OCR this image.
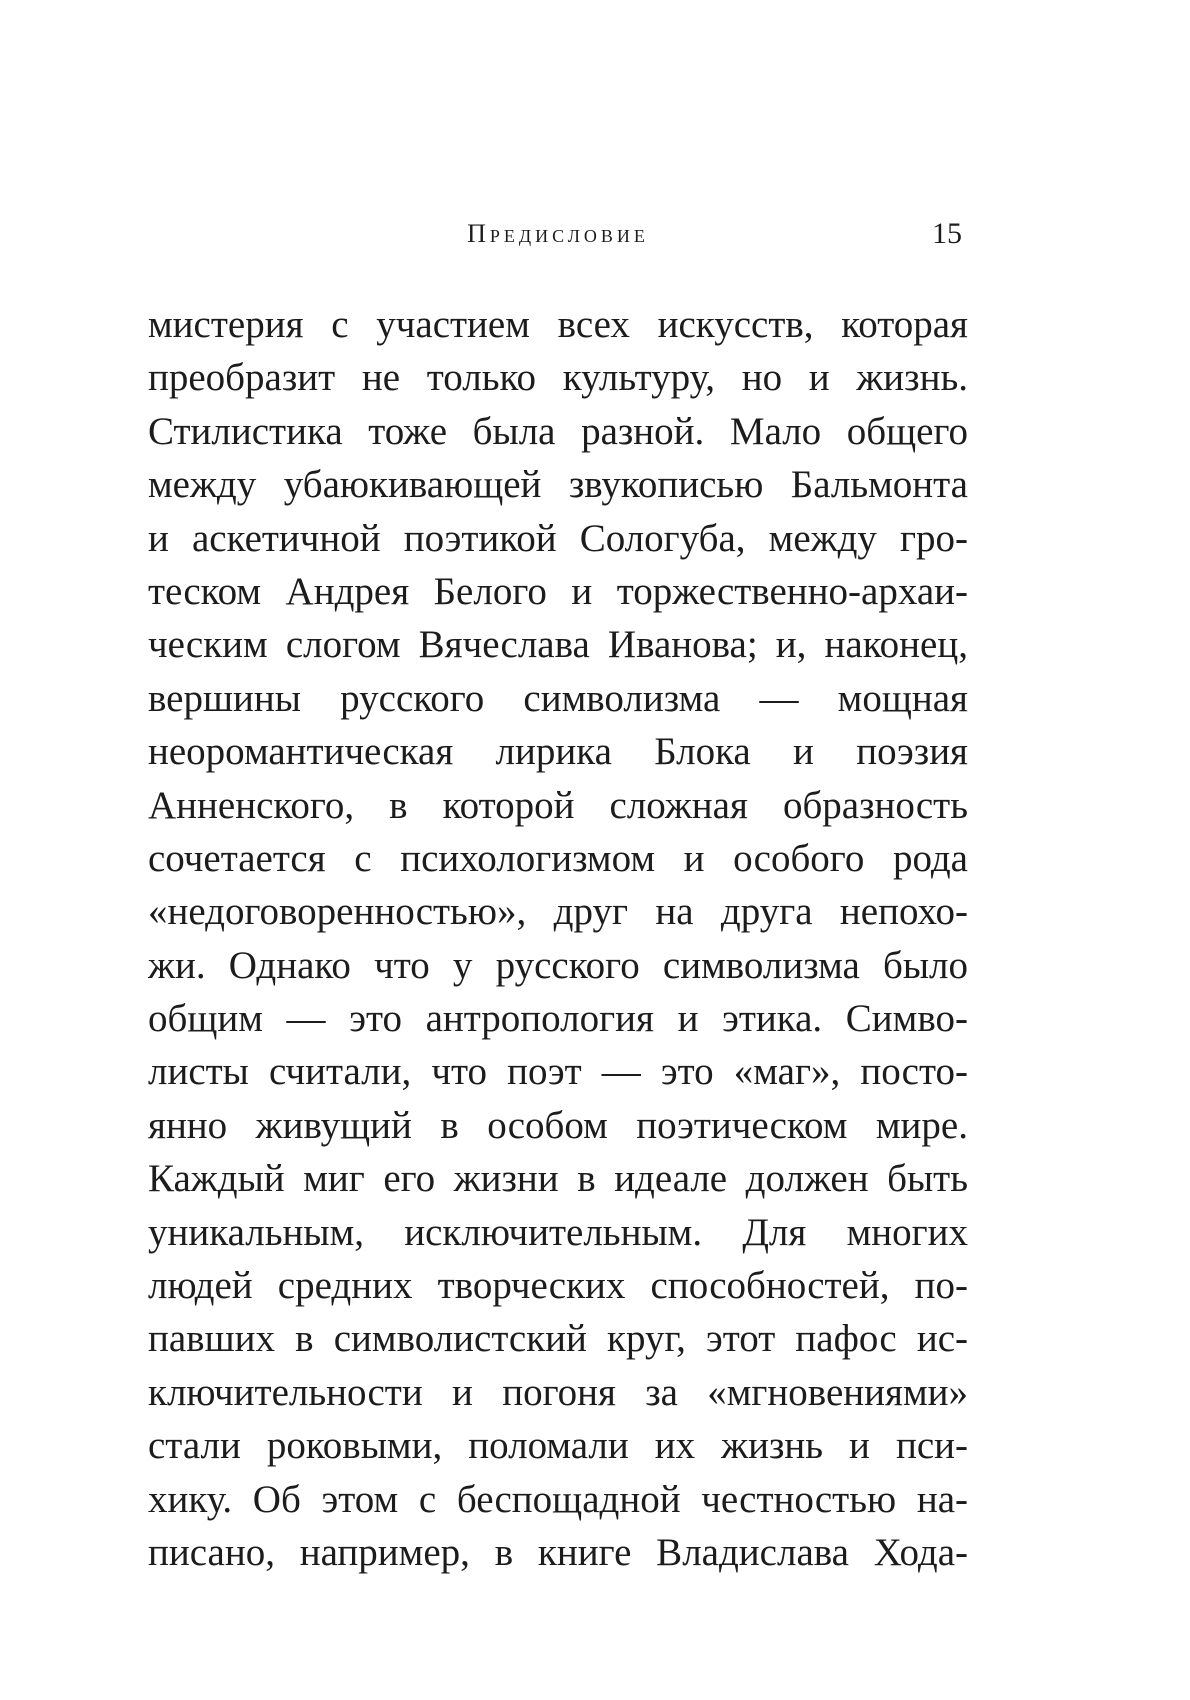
Предисловие	15
мистерия с участием всех искусств, которая
преобразит не только культуру, но и жизнь.
Стилистика тоже была разной. Мало общего
между убаюкивающей звукописью Бальмонта
и аскетичной поэтикой Сологуба, между гро-
теском Андрея Белого и торжественно-архаи-
ческим слогом Вячеслава Иванова; и, наконец,
вершины русского символизма — мощная
неоромантическая лирика Блока и поэзия
Анненского, в которой сложная образность
сочетается с психологизмом и особого рода
«недоговоренностью», друг на друга непохо-
жи. Однако что у русского символизма было
общим — это антропология и этика. Симво-
листы считали, что поэт — это «маг», посто-
янно живущий в особом поэтическом мире.
Каждый миг его жизни в идеале должен быть
уникальным, исключительным. Для многих
людей средних творческих способностей, по-
павших в символистский круг, этот пафос ис-
ключительности и погоня за «мгновениями»
стали роковыми, поломали их жизнь и пси-
хику. Об этом с беспощадной честностью на-
писано, например, в книге Владислава Хода-
